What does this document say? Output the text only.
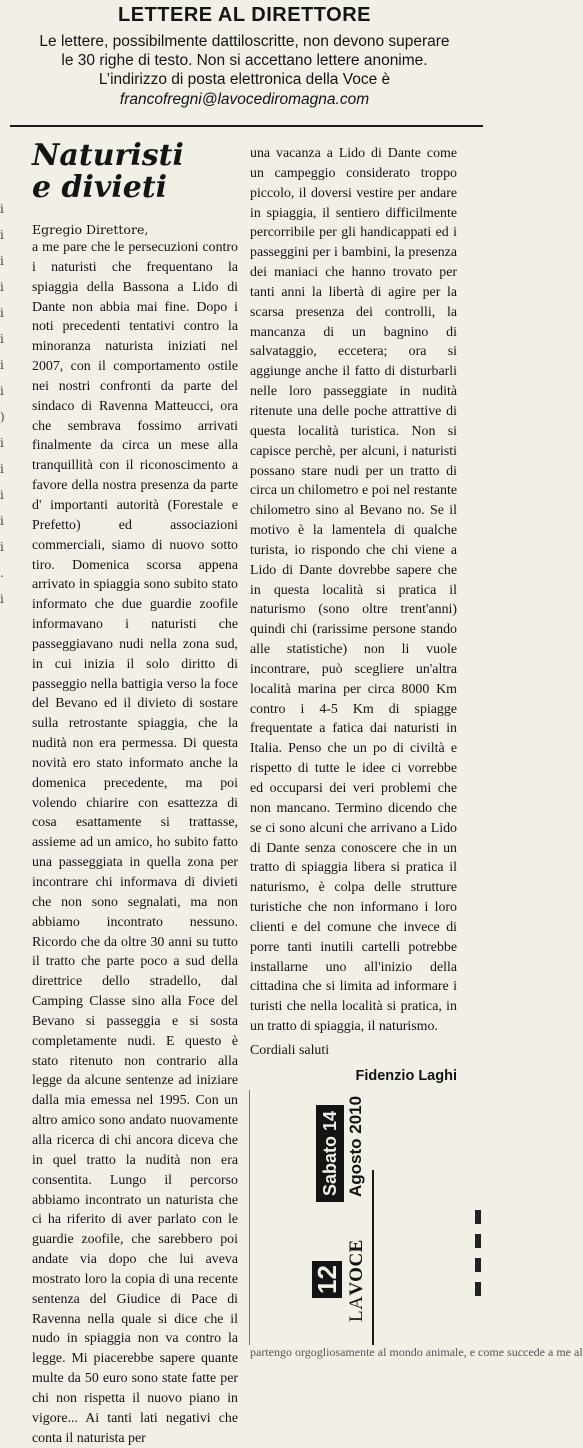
LETTERE AL DIRETTORE
Le lettere, possibilmente dattiloscritte, non devono superare
le 30 righe di testo. Non si accettano lettere anonime.
L’indirizzo di posta elettronica della Voce è
francofregni@lavocediromagna.com
i
i
i
i
i
i
i
i
)
i
i
i
i
i
.
i
Naturisti
e divieti
Egregio Direttore,
a me pare che le persecuzioni contro i naturisti che frequentano la spiaggia della Bassona a Lido di Dante non abbia mai fine. Dopo i noti precedenti tentativi contro la minoranza naturista iniziati nel 2007, con il comportamento ostile nei nostri confronti da parte del sindaco di Ravenna Matteucci, ora che sembrava fossimo arrivati finalmente da circa un mese alla tranquillità con il riconoscimento a favore della nostra presenza da parte d' importanti autorità (Forestale e Prefetto) ed associazioni commerciali, siamo di nuovo sotto tiro. Domenica scorsa appena arrivato in spiaggia sono subito stato informato che due guardie zoofile informavano i naturisti che passeggiavano nudi nella zona sud, in cui inizia il solo diritto di passeggio nella battigia verso la foce del Bevano ed il divieto di sostare sulla retrostante spiaggia, che la nudità non era permessa. Di questa novità ero stato informato anche la domenica precedente, ma poi volendo chiarire con esattezza di cosa esattamente si trattasse, assieme ad un amico, ho subito fatto una passeggiata in quella zona per incontrare chi informava di divieti che non sono segnalati, ma non abbiamo incontrato nessuno. Ricordo che da oltre 30 anni su tutto il tratto che parte poco a sud della direttrice dello stradello, dal Camping Classe sino alla Foce del Bevano si passeggia e si sosta completamente nudi. E questo è stato ritenuto non contrario alla legge da alcune sentenze ad iniziare dalla mia emessa nel 1995. Con un altro amico sono andato nuovamente alla ricerca di chi ancora diceva che in quel tratto la nudità non era consentita. Lungo il percorso abbiamo incontrato un naturista che ci ha riferito di aver parlato con le guardie zoofile, che sarebbero poi andate via dopo che lui aveva mostrato loro la copia di una recente sentenza del Giudice di Pace di Ravenna nella quale si dice che il nudo in spiaggia non va contro la legge. Mi piacerebbe sapere quante multe da 50 euro sono state fatte per chi non rispetta il nuovo piano in vigore... Ai tanti lati negativi che conta il naturista per
una vacanza a Lido di Dante come un campeggio considerato troppo piccolo, il doversi vestire per andare in spiaggia, il sentiero difficilmente percorribile per gli handicappati ed i passeggini per i bambini, la presenza dei maniaci che hanno trovato per tanti anni la libertà di agire per la scarsa presenza dei controlli, la mancanza di un bagnino di salvataggio, eccetera; ora si aggiunge anche il fatto di disturbarli nelle loro passeggiate in nudità ritenute una delle poche attrattive di questa località turistica. Non si capisce perchè, per alcuni, i naturisti possano stare nudi per un tratto di circa un chilometro e poi nel restante chilometro sino al Bevano no. Se il motivo è la lamentela di qualche turista, io rispondo che chi viene a Lido di Dante dovrebbe sapere che in questa località si pratica il naturismo (sono oltre trent'anni) quindi chi (rarissime persone stando alle statistiche) non li vuole incontrare, può scegliere un'altra località marina per circa 8000 Km contro i 4-5 Km di spiagge frequentate a fatica dai naturisti in Italia. Penso che un po di civiltà e rispetto di tutte le idee ci vorrebbe ed occuparsi dei veri problemi che non mancano. Termino dicendo che se ci sono alcuni che arrivano a Lido di Dante senza conoscere che in un tratto di spiaggia libera si pratica il naturismo, è colpa delle strutture turistiche che non informano i loro clienti e del comune che invece di porre tanti inutili cartelli potrebbe installarne uno all'inizio della cittadina che si limita ad informare i turisti che nella località si pratica, in un tratto di spiaggia, il naturismo.
Cordiali saluti
Fidenzio Laghi
Sabato 14 Agosto 2010
12
LAVOCE
partengo orgogliosamente al mondo animale, e come succede a me al
